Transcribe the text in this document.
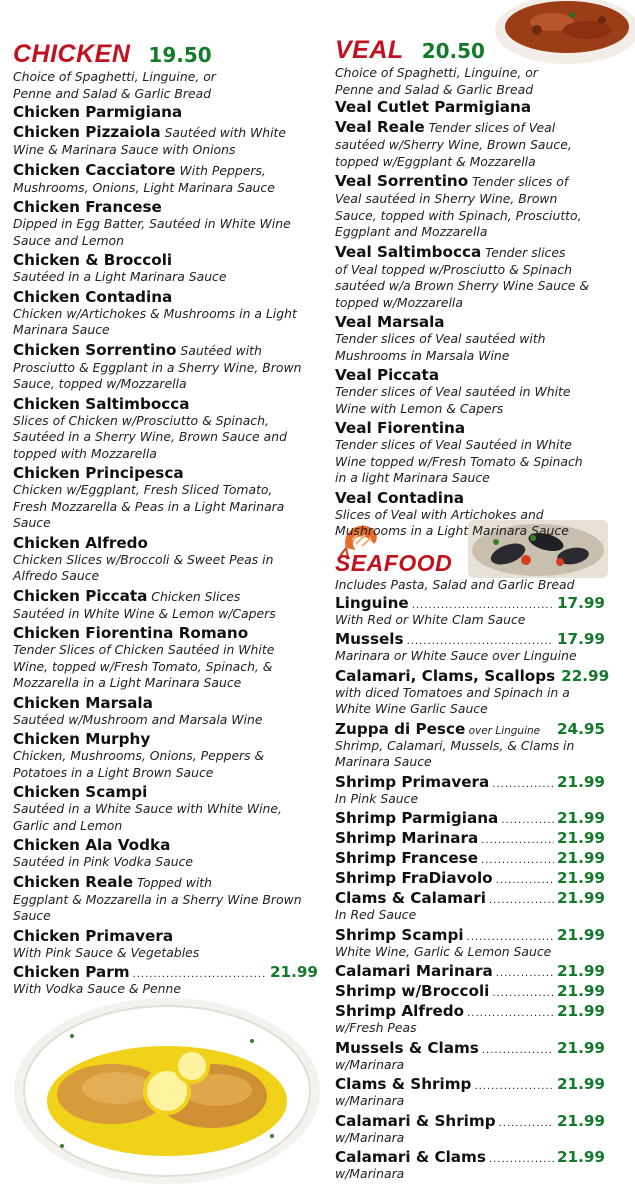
CHICKEN 19.50
Choice of Spaghetti, Linguine, or Penne and Salad & Garlic Bread
Chicken Parmigiana
Chicken Pizzaiola Sautéed with White
Wine & Marinara Sauce with Onions
Chicken Cacciatore With Peppers,
Mushrooms, Onions, Light Marinara Sauce
Chicken Francese
Dipped in Egg Batter, Sautéed in White Wine Sauce and Lemon
Chicken & Broccoli
Sautéed in a Light Marinara Sauce
Chicken Contadina
Chicken w/Artichokes & Mushrooms in a Light Marinara Sauce
Chicken Sorrentino Sautéed with
Prosciutto & Eggplant in a Sherry Wine, Brown Sauce, topped w/Mozzarella
Chicken Saltimbocca
Slices of Chicken w/Prosciutto & Spinach, Sautéed in a Sherry Wine, Brown Sauce and topped with Mozzarella
Chicken Principesca
Chicken w/Eggplant, Fresh Sliced Tomato, Fresh Mozzarella & Peas in a Light Marinara Sauce
Chicken Alfredo
Chicken Slices w/Broccoli & Sweet Peas in Alfredo Sauce
Chicken Piccata Chicken Slices
Sautéed in White Wine & Lemon w/Capers
Chicken Fiorentina Romano
Tender Slices of Chicken Sautéed in White Wine, topped w/Fresh Tomato, Spinach, & Mozzarella in a Light Marinara Sauce
Chicken Marsala
Sautéed w/Mushroom and Marsala Wine
Chicken Murphy
Chicken, Mushrooms, Onions, Peppers & Potatoes in a Light Brown Sauce
Chicken Scampi
Sautéed in a White Sauce with White Wine, Garlic and Lemon
Chicken Ala Vodka
Sautéed in Pink Vodka Sauce
Chicken Reale Topped with
Eggplant & Mozzarella in a Sherry Wine Brown Sauce
Chicken Primavera
With Pink Sauce & Vegetables
Chicken Parm .....	21.99
With Vodka Sauce & Penne
VEAL 20.50
Choice of Spaghetti, Linguine, or Penne and Salad & Garlic Bread
Veal Cutlet Parmigiana
Veal Reale Tender slices of Veal
sautéed w/Sherry Wine, Brown Sauce, topped w/Eggplant & Mozzarella
Veal Sorrentino Tender slices of
Veal sautéed in Sherry Wine, Brown Sauce, topped with Spinach, Prosciutto, Eggplant and Mozzarella
Veal Saltimbocca Tender slices
of Veal topped w/Prosciutto & Spinach sautéed w/a Brown Sherry Wine Sauce & topped w/Mozzarella
Veal Marsala
Tender slices of Veal sautéed with Mushrooms in Marsala Wine
Veal Piccata
Tender slices of Veal sautéed in White Wine with Lemon & Capers
Veal Fiorentina
Tender slices of Veal Sautéed in White Wine topped w/Fresh Tomato & Spinach in a light Marinara Sauce
Veal Contadina
Slices of Veal with Artichokes and Mushrooms in a Light Marinara Sauce
SEAFOOD
Includes Pasta, Salad and Garlic Bread
Linguine .....	17.99
With Red or White Clam Sauce
Mussels .....	17.99
Marinara or White Sauce over Linguine
Calamari, Clams, Scallops 22.99
with diced Tomatoes and Spinach in a White Wine Garlic Sauce
Zuppa di Pesce over Linguine 24.95
Shrimp, Calamari, Mussels, & Clams in Marinara Sauce
Shrimp Primavera .....	21.99
In Pink Sauce
Shrimp Parmigiana .....	21.99
Shrimp Marinara .....	21.99
Shrimp Francese .....	21.99
Shrimp FraDiavolo .....	21.99
Clams & Calamari .....	21.99
In Red Sauce
Shrimp Scampi .....	21.99
White Wine, Garlic & Lemon Sauce
Calamari Marinara .....	21.99
Shrimp w/Broccoli .....	21.99
Shrimp Alfredo .....	21.99
w/Fresh Peas
Mussels & Clams .....	21.99
w/Marinara
Clams & Shrimp .....	21.99
w/Marinara
Calamari & Shrimp .....	21.99
w/Marinara
Calamari & Clams .....	21.99
w/Marinara
